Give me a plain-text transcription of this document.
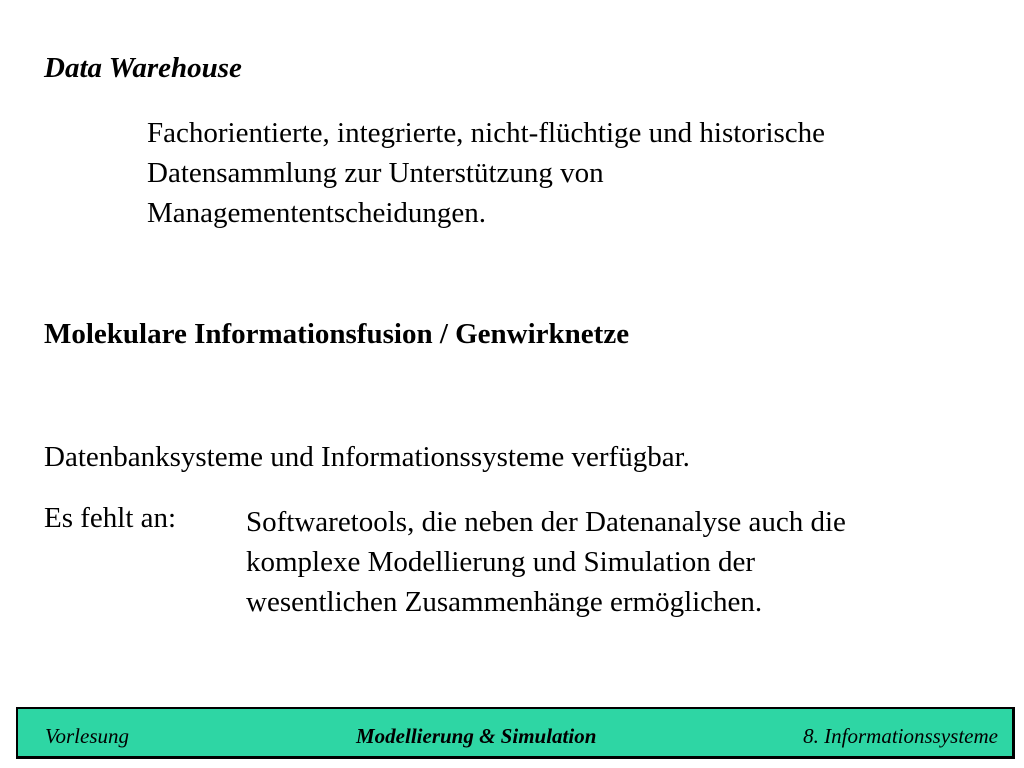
Data Warehouse
Fachorientierte, integrierte, nicht-flüchtige und historische
Datensammlung zur Unterstützung von
Managemententscheidungen.
Molekulare Informationsfusion / Genwirknetze
Datenbanksysteme und Informationssysteme verfügbar.
Es fehlt an: Softwaretools, die neben der Datenanalyse auch die
komplexe Modellierung und Simulation der
wesentlichen Zusammenhänge ermöglichen.
Vorlesung	Modellierung & Simulation	8. Informationssysteme
